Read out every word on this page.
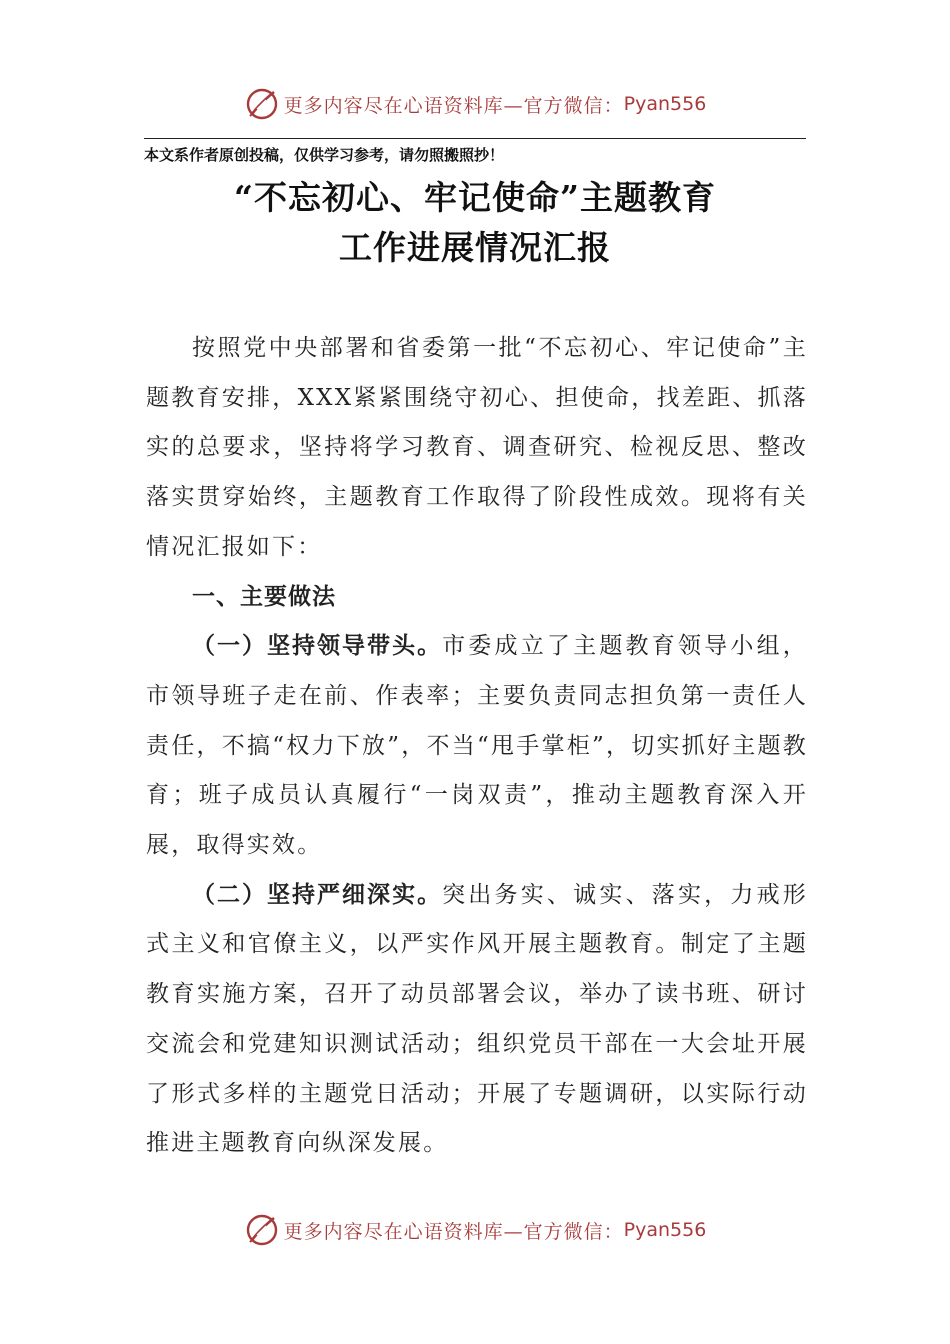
更多内容尽在心语资料库—官方微信： Pyan556
本文系作者原创投稿，仅供学习参考，请勿照搬照抄！
“不忘初心、牢记使命”主题教育
工作进展情况汇报

按照党中央部署和省委第一批“不忘初心、牢记使命”主题教育安排，XXX紧紧围绕守初心、担使命，找差距、抓落实的总要求，坚持将学习教育、调查研究、检视反思、整改落实贯穿始终，主题教育工作取得了阶段性成效。现将有关情况汇报如下：

一、主要做法

（一）坚持领导带头。市委成立了主题教育领导小组，市领导班子走在前、作表率；主要负责同志担负第一责任人责任，不搞“权力下放”，不当“甩手掌柜”，切实抓好主题教育；班子成员认真履行“一岗双责”，推动主题教育深入开展，取得实效。

（二）坚持严细深实。突出务实、诚实、落实，力戒形式主义和官僚主义，以严实作风开展主题教育。制定了主题教育实施方案，召开了动员部署会议，举办了读书班、研讨交流会和党建知识测试活动；组织党员干部在一大会址开展了形式多样的主题党日活动；开展了专题调研，以实际行动推进主题教育向纵深发展。

更多内容尽在心语资料库—官方微信： Pyan556
